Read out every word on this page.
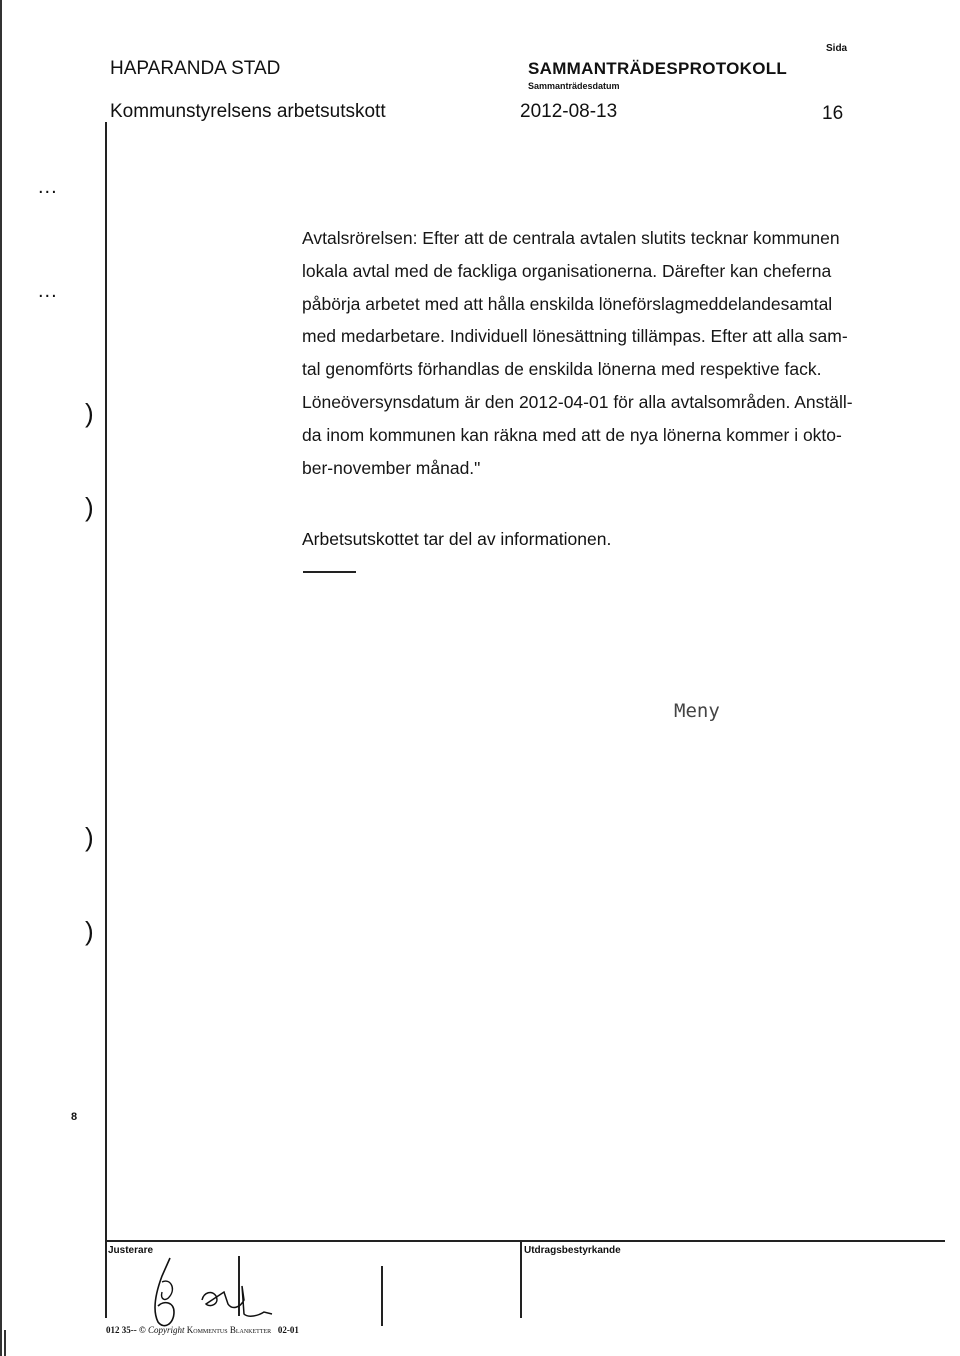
HAPARANDA STAD
Kommunstyrelsens arbetsutskott
SAMMANTRÄDESPROTOKOLL
Sammanträdesdatum
2012-08-13
Sida
16
...
...
)
)
)
)
8

Avtalsrörelsen: Efter att de centrala avtalen slutits tecknar kommunen
lokala avtal med de fackliga organisationerna. Därefter kan cheferna
påbörja arbetet med att hålla enskilda löneförslagmeddelandesamtal
med medarbetare. Individuell lönesättning tillämpas. Efter att alla sam-
tal genomförts förhandlas de enskilda lönerna med respektive fack.
Löneöversynsdatum är den 2012-04-01 för alla avtalsområden. Anställ-
da inom kommunen kan räkna med att de nya lönerna kommer i okto-
ber-november månad."

Arbetsutskottet tar del av informationen.
Meny
Justerare	Utdragsbestyrkande
012 35-- © Copyright Kommentus Blanketter 02-01
